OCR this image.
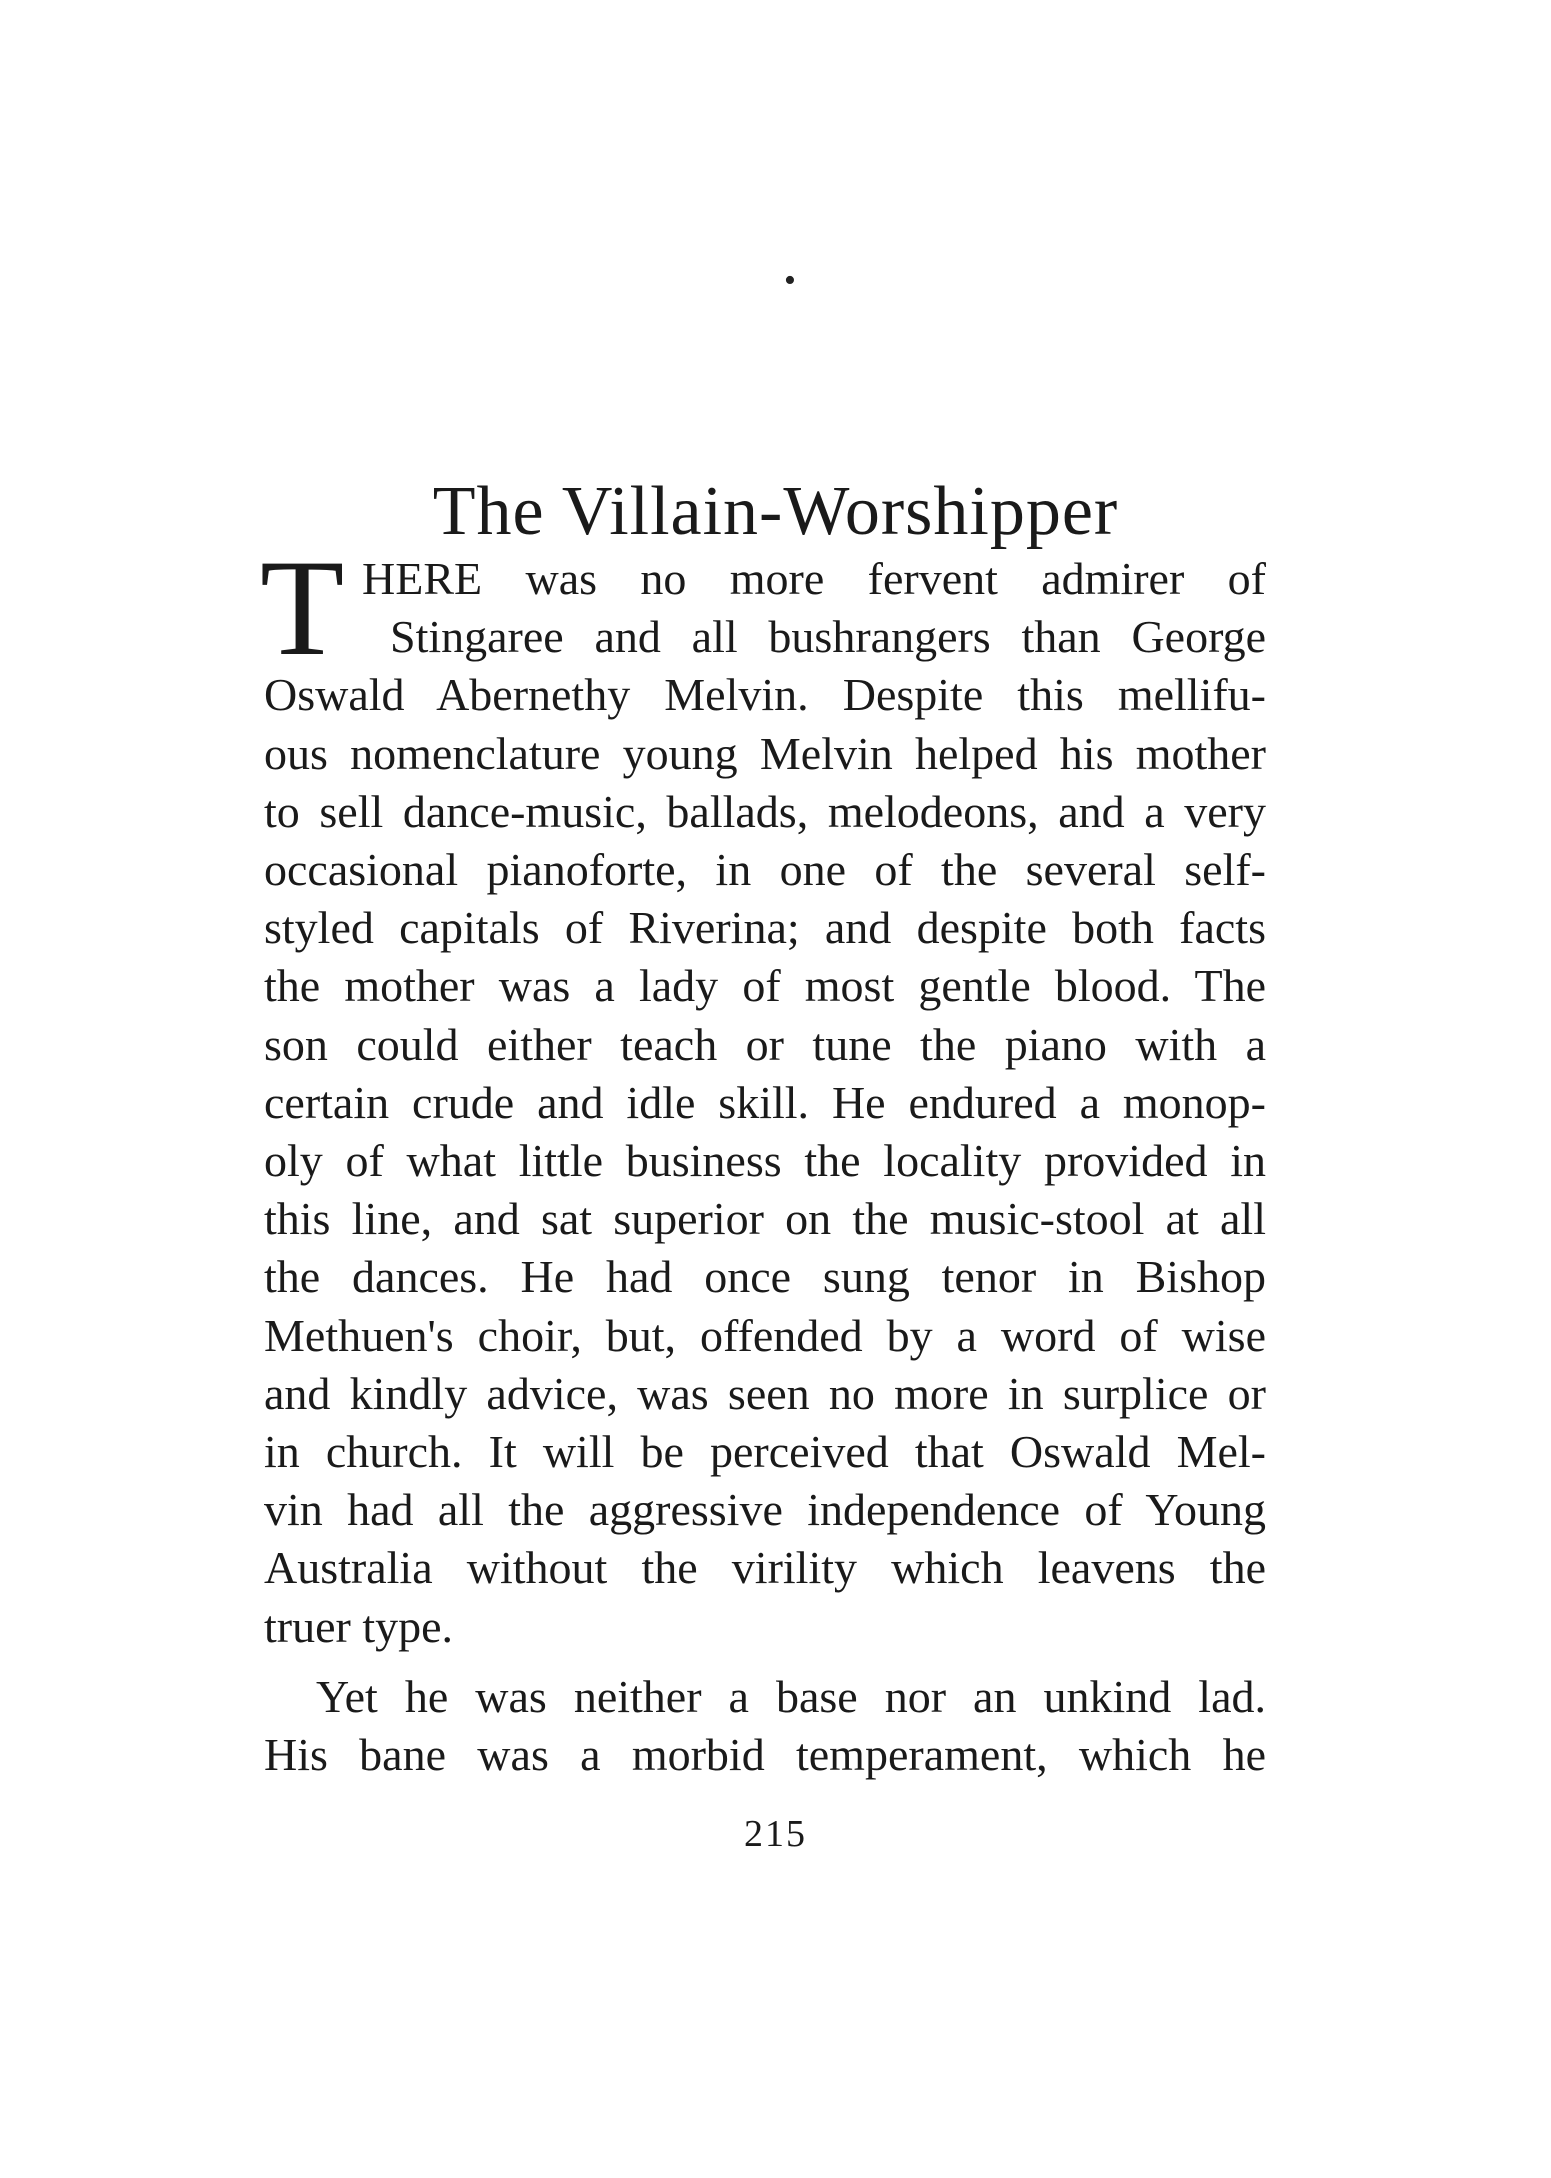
•
The Villain-Worshipper
T HERE was no more fervent admirer of
Stingaree and all bushrangers than George
Oswald Abernethy Melvin. Despite this mellifu-
ous nomenclature young Melvin helped his mother
to sell dance-music, ballads, melodeons, and a very
occasional pianoforte, in one of the several self-
styled capitals of Riverina; and despite both facts
the mother was a lady of most gentle blood. The
son could either teach or tune the piano with a
certain crude and idle skill. He endured a monop-
oly of what little business the locality provided in
this line, and sat superior on the music-stool at all
the dances. He had once sung tenor in Bishop
Methuen's choir, but, offended by a word of wise
and kindly advice, was seen no more in surplice or
in church. It will be perceived that Oswald Mel-
vin had all the aggressive independence of Young
Australia without the virility which leavens the
truer type.
Yet he was neither a base nor an unkind lad.
His bane was a morbid temperament, which he
215
